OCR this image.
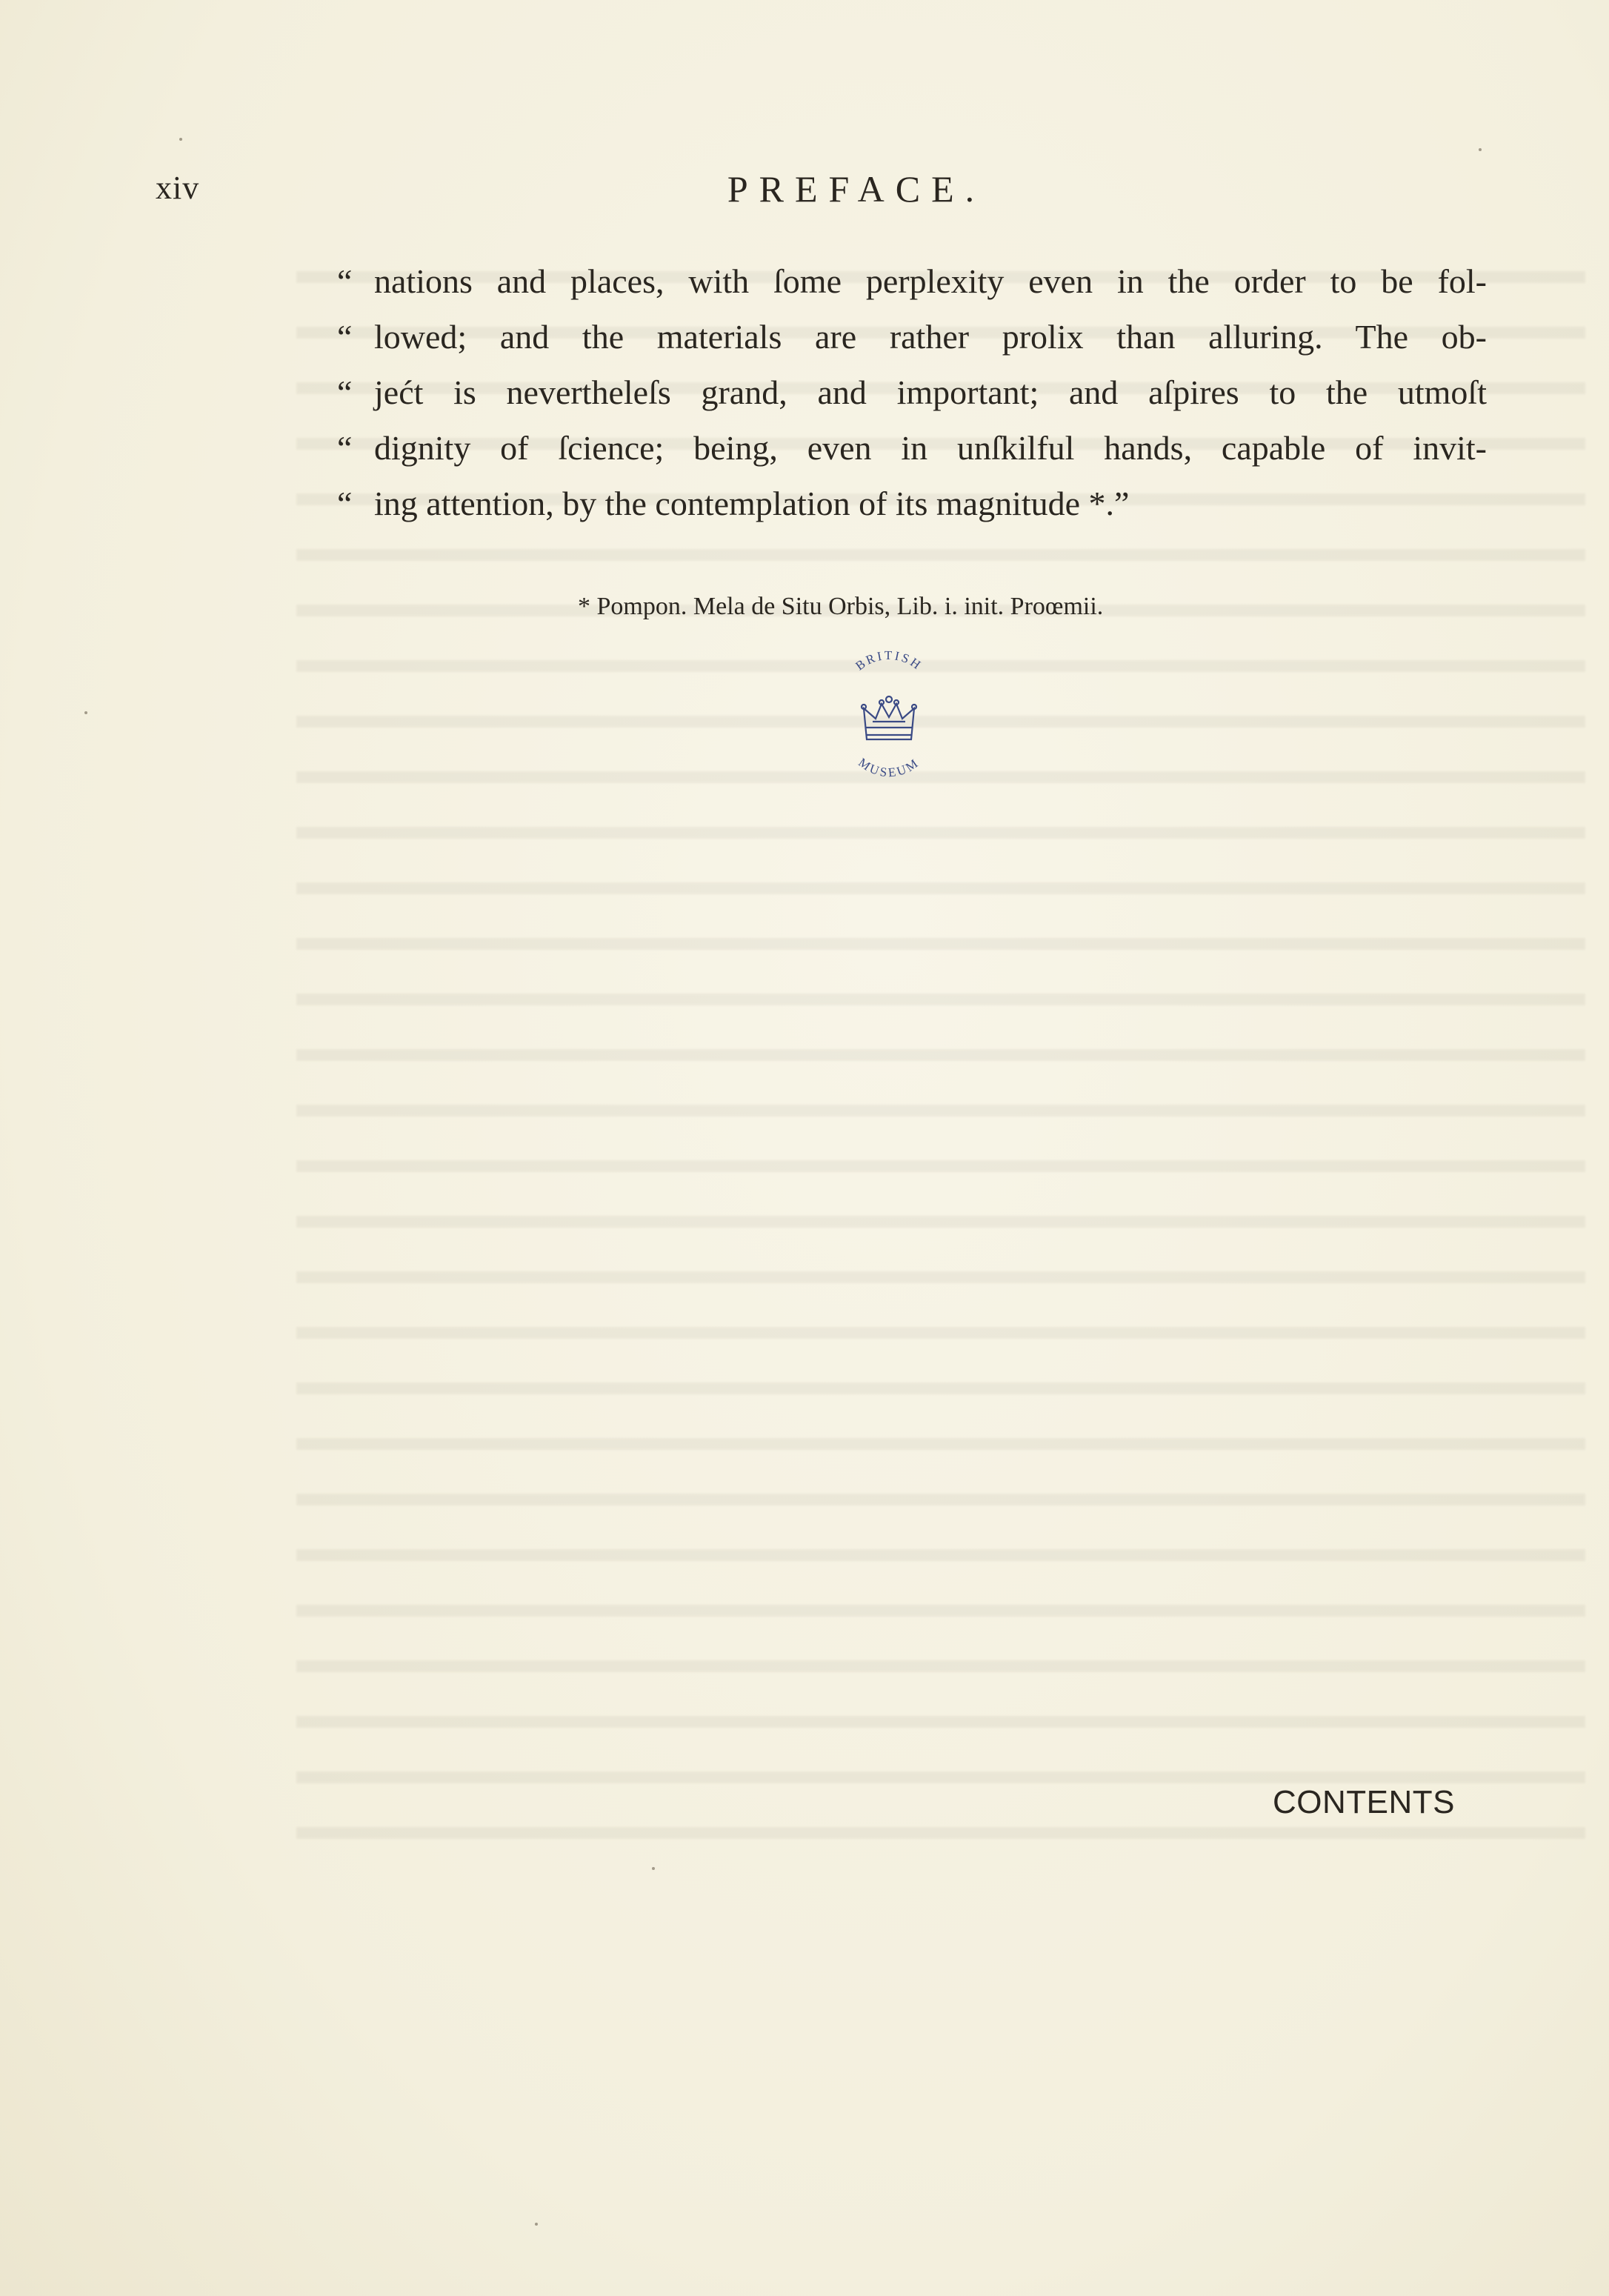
xiv	PREFACE.
“ nations and places, with ſome perplexity even in the order to be fol-
“ lowed; and the materials are rather prolix than alluring. The ob-
“ jećt is neverthelеſs grand, and important; and aſpires to the utmoſt
“ dignity of ſcience; being, even in unſkilful hands, capable of invit-
“ ing attention, by the contemplation of its magnitude *.”
* Pompon. Mela de Situ Orbis, Lib. i. init. Proœmii.
BRITISH
MUSEUM
CONTENTS
